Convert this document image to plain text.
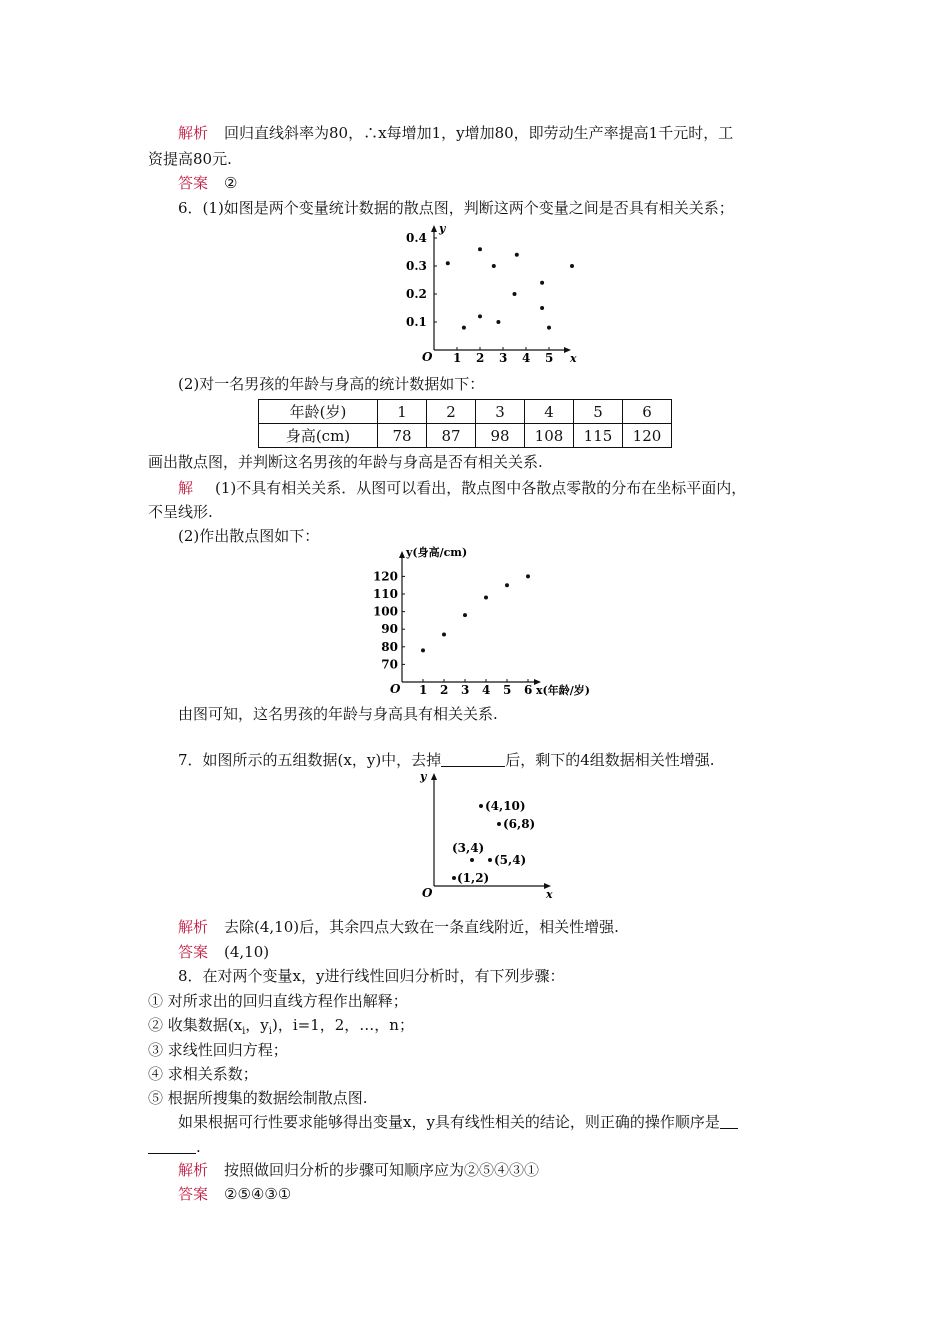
解析 回归直线斜率为80，∴x每增加1，y增加80，即劳动生产率提高1千元时，工
资提高80元.
答案 ②
6．(1)如图是两个变量统计数据的散点图，判断这两个变量之间是否具有相关关系；
O	x
y
1 2 3 4 5
0.1
0.2
0.3
0.4
(2)对一名男孩的年龄与身高的统计数据如下：
年龄(岁)	1	2	3	4	5	6
身高(cm)	78	87	98	108	115	120
画出散点图，并判断这名男孩的年龄与身高是否有相关关系.
解 (1)不具有相关关系．从图可以看出，散点图中各散点零散的分布在坐标平面内，
不呈线形.
(2)作出散点图如下：
O	x(年龄/岁)
y(身高/cm)
1 2 3 4 5 6
70
80
90
100
110
120
由图可知，这名男孩的年龄与身高具有相关关系.
7．如图所示的五组数据(x，y)中，去掉	后，剩下的4组数据相关性增强.
O	x
y
(1,2)
(3,4)
(4,10)
(5,4)
(6,8)
解析 去除(4,10)后，其余四点大致在一条直线附近，相关性增强.
答案 (4,10)
8．在对两个变量x，y进行线性回归分析时，有下列步骤：
① 对所求出的回归直线方程作出解释；
② 收集数据($x_i$，$y_i$)，i=1，2，…，n；
③ 求线性回归方程；
④ 求相关系数；
⑤ 根据所搜集的数据绘制散点图.
如果根据可行性要求能够得出变量x，y具有线性相关的结论，则正确的操作顺序是
.
解析 按照做回归分析的步骤可知顺序应为②⑤④③①
答案 ②⑤④③①
